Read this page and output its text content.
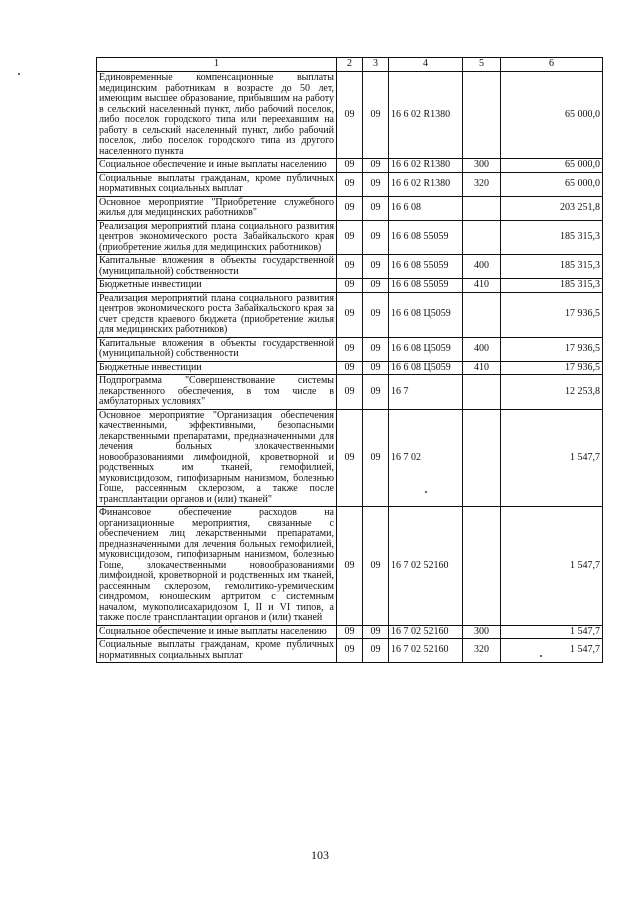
1	2	3	4	5	6
Единовременные компенсационные выплаты медицинским работникам в возрасте до 50 лет, имеющим высшее образование, прибывшим на работу в сельский населенный пункт, либо рабочий поселок, либо поселок городского типа или переехавшим на работу в сельский населенный пункт, либо рабочий поселок, либо поселок городского типа из другого населенного пункта	09	09	16 6 02 R1380		65 000,0
Социальное обеспечение и иные выплаты населению	09	09	16 6 02 R1380	300	65 000,0
Социальные выплаты гражданам, кроме публичных нормативных социальных выплат	09	09	16 6 02 R1380	320	65 000,0
Основное мероприятие "Приобретение служебного жилья для медицинских работников"	09	09	16 6 08		203 251,8
Реализация мероприятий плана социального развития центров экономического роста Забайкальского края (приобретение жилья для медицинских работников)	09	09	16 6 08 55059		185 315,3
Капитальные вложения в объекты государственной (муниципальной) собственности	09	09	16 6 08 55059	400	185 315,3
Бюджетные инвестиции	09	09	16 6 08 55059	410	185 315,3
Реализация мероприятий плана социального развития центров экономического роста Забайкальского края за счет средств краевого бюджета (приобретение жилья для медицинских работников)	09	09	16 6 08 Ц5059		17 936,5
Капитальные вложения в объекты государственной (муниципальной) собственности	09	09	16 6 08 Ц5059	400	17 936,5
Бюджетные инвестиции	09	09	16 6 08 Ц5059	410	17 936,5
Подпрограмма "Совершенствование системы лекарственного обеспечения, в том числе в амбулаторных условиях"	09	09	16 7		12 253,8
Основное мероприятие "Организация обеспечения качественными, эффективными, безопасными лекарственными препаратами, предназначенными для лечения больных злокачественными новообразованиями лимфоидной, кроветворной и родственных им тканей, гемофилией, муковисцидозом, гипофизарным нанизмом, болезнью Гоше, рассеянным склерозом, а также после трансплантации органов и (или) тканей"	09	09	16 7 02		1 547,7
Финансовое обеспечение расходов на организационные мероприятия, связанные с обеспечением лиц лекарственными препаратами, предназначенными для лечения больных гемофилией, муковисцидозом, гипофизарным нанизмом, болезнью Гоше, злокачественными новообразованиями лимфоидной, кроветворной и родственных им тканей, рассеянным склерозом, гемолитико-уремическим синдромом, юношеским артритом с системным началом, мукополисахаридозом I, II и VI типов, а также после трансплантации органов и (или) тканей	09	09	16 7 02 52160		1 547,7
Социальное обеспечение и иные выплаты населению	09	09	16 7 02 52160	300	1 547,7
Социальные выплаты гражданам, кроме публичных нормативных социальных выплат	09	09	16 7 02 52160	320	1 547,7
103
